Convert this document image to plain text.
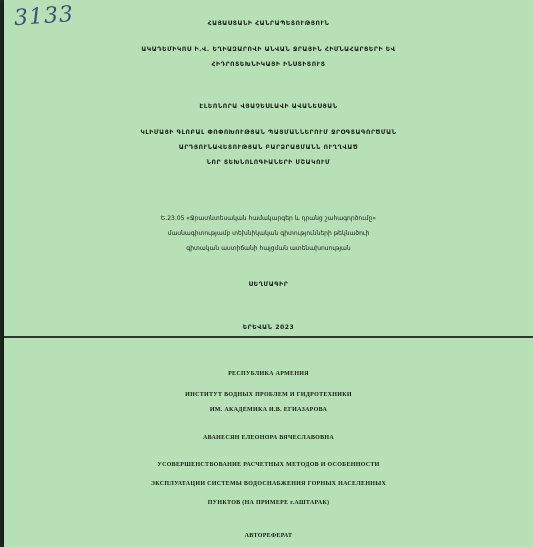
3133	ՀԱՅԱՍՏԱՆԻ ՀԱՆՐԱՊԵՏՈՒԹՅՈՒՆ
ԱԿԱԴԵՄԻԿՈՍ Ի.Վ. ԵՂԻԱԶԱՐՈՎԻ ԱՆՎԱՆ ՋՐԱՅԻՆ ՀԻՄՆԱՀԱՐՑԵՐԻ ԵՎ
ՀԻԴՐՈՏԵԽՆԻԿԱՅԻ ԻՆՍՏԻՏՈՒՏ
ԷԼԵՈՆՈՐԱ ՎՅԱՉԵՍԼԱՎԻ ԱՎԱՆԵՍՅԱՆ
ԿԼԻՄԱՅԻ ԳԼՈԲԱԼ ՓՈՓՈԽՈՒԹՅԱՆ ՊԱՅՄԱՆՆԵՐՈՒՄ ՋՐՕԳՏԱԳՈՐԾՄԱՆ
ԱՐԴՅՈՒՆԱՎԵՏՈՒԹՅԱՆ ԲԱՐՁՐԱՑՄԱՆՆ ՈՒՂՂՎԱԾ
ՆՈՐ ՏԵԽՆՈԼՈԳԻԱՆԵՐԻ ՄՇԱԿՈՒՄ
Ե.23.05 «Ջրատնտեսական համակարգեր և դրանց շահագործումը»
մասնագիտությամբ տեխնիկական գիտությունների թեկնածուի
գիտական աստիճանի հայցման ատենախոսության
ՍԵՂՄԱԳԻՐ
ԵՐԵՎԱՆ 2023
РЕСПУБЛИКА АРМЕНИЯ
ИНСТИТУТ ВОДНЫХ ПРОБЛЕМ И ГИДРОТЕХНИКИ
ИМ. АКАДЕМИКА И.В. ЕГИАЗАРОВА
АВАНЕСЯН ЕЛЕОНОРА ВЯЧЕСЛАВОВНА
УСОВЕРШЕНСТВОВАНИЕ РАСЧЕТНЫХ МЕТОДОВ И ОСОБЕННОСТИ
ЭКСПЛУАТАЦИИ СИСТЕМЫ ВОДОСНАБЖЕНИЯ ГОРНЫХ НАСЕЛЕННЫХ
ПУНКТОВ (НА ПРИМЕРЕ г.АШТАРАК)
АВТОРЕФЕРАТ
